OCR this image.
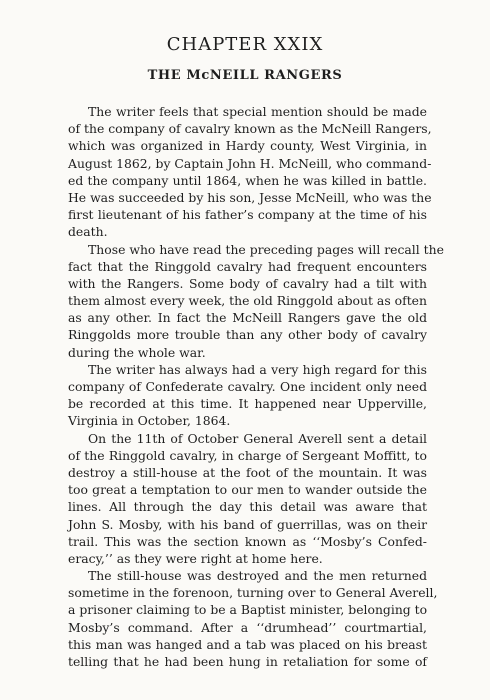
CHAPTER XXIX
THE McNEILL RANGERS
The writer feels that special mention should be made
of the company of cavalry known as the McNeill Rangers,
which was organized in Hardy county, West Virginia, in
August 1862, by Captain John H. McNeill, who command-
ed the company until 1864, when he was killed in battle.
He was succeeded by his son, Jesse McNeill, who was the
first lieutenant of his father’s company at the time of his
death.
Those who have read the preceding pages will recall the
fact that the Ringgold cavalry had frequent encounters
with the Rangers. Some body of cavalry had a tilt with
them almost every week, the old Ringgold about as often
as any other. In fact the McNeill Rangers gave the old
Ringgolds more trouble than any other body of cavalry
during the whole war.
The writer has always had a very high regard for this
company of Confederate cavalry. One incident only need
be recorded at this time. It happened near Upperville,
Virginia in October, 1864.
On the 11th of October General Averell sent a detail
of the Ringgold cavalry, in charge of Sergeant Moffitt, to
destroy a still-house at the foot of the mountain. It was
too great a temptation to our men to wander outside the
lines. All through the day this detail was aware that
John S. Mosby, with his band of guerrillas, was on their
trail. This was the section known as ‘‘Mosby’s Confed-
eracy,’’ as they were right at home here.
The still-house was destroyed and the men returned
sometime in the forenoon, turning over to General Averell,
a prisoner claiming to be a Baptist minister, belonging to
Mosby’s command. After a ‘‘drumhead’’ courtmartial,
this man was hanged and a tab was placed on his breast
telling that he had been hung in retaliation for some of
